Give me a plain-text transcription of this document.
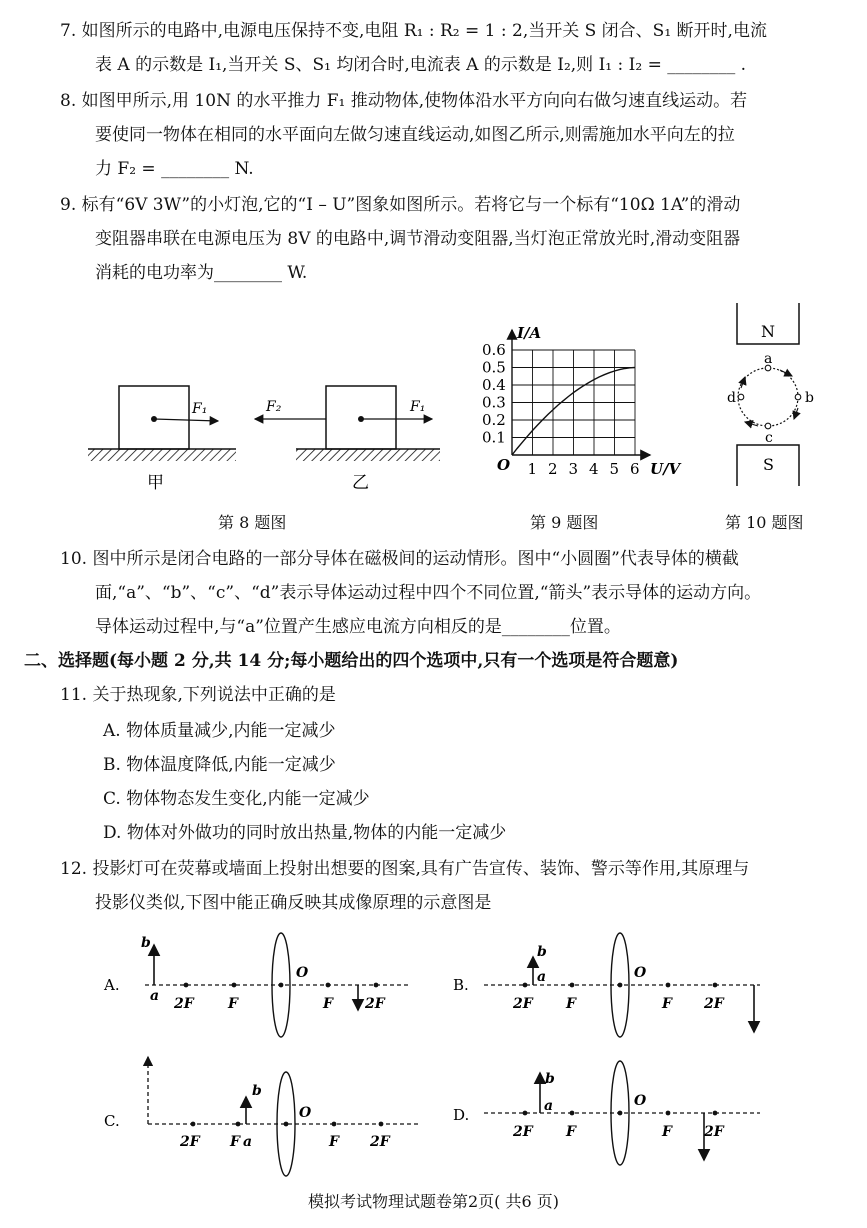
7. 如图所示的电路中,电源电压保持不变,电阻 R₁ : R₂ = 1 : 2,当开关 S 闭合、S₁ 断开时,电流
表 A 的示数是 I₁,当开关 S、S₁ 均闭合时,电流表 A 的示数是 I₂,则 I₁ : I₂ = ________ .
8. 如图甲所示,用 10N 的水平推力 F₁ 推动物体,使物体沿水平方向向右做匀速直线运动。若
要使同一物体在相同的水平面向左做匀速直线运动,如图乙所示,则需施加水平向左的拉
力 F₂ = ________ N.
9. 标有“6V 3W”的小灯泡,它的“I – U”图象如图所示。若将它与一个标有“10Ω 1A”的滑动
变阻器串联在电源电压为 8V 的电路中,调节滑动变阻器,当灯泡正常放光时,滑动变阻器
消耗的电功率为________ W.
第 8 题图	第 9 题图	第 10 题图
10. 图中所示是闭合电路的一部分导体在磁极间的运动情形。图中“小圆圈”代表导体的横截
面,“a”、“b”、“c”、“d”表示导体运动过程中四个不同位置,“箭头”表示导体的运动方向。
导体运动过程中,与“a”位置产生感应电流方向相反的是________位置。
二、选择题(每小题 2 分,共 14 分;每小题给出的四个选项中,只有一个选项是符合题意)
11. 关于热现象,下列说法中正确的是
A. 物体质量减少,内能一定减少
B. 物体温度降低,内能一定减少
C. 物体物态发生变化,内能一定减少
D. 物体对外做功的同时放出热量,物体的内能一定减少
12. 投影灯可在荧幕或墙面上投射出想要的图案,具有广告宣传、装饰、警示等作用,其原理与
投影仪类似,下图中能正确反映其成像原理的示意图是
模拟考试物理试题卷第2页( 共6 页)
F₁
甲
F₂	F₁
乙
1 2 3 4 5 6
0.6
0.5
0.4
0.3
0.2
0.1
I/A
U/V
O
N
S
a
b
c
d
A.
b
a 2F F
O
F 2F
B.
b
a
2F F
O
F 2F
C.
b
2F F a
O
F 2F
D.
b
a
2F F
O
F 2F
